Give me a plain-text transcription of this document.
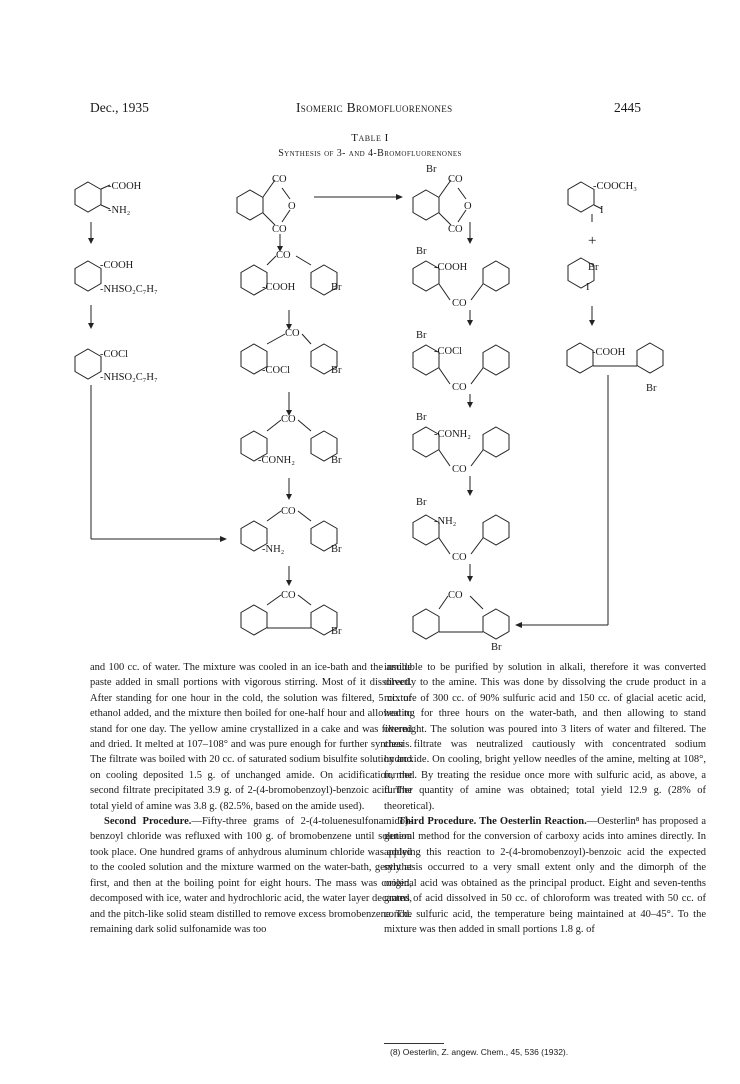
Dec., 1935	Isomeric Bromofluorenones	2445
Table I
Synthesis of 3- and 4-Bromofluorenones
-COOH
-NH₂
-COOH
-NHSO₂C₇H₇
-COCl
-NHSO₂C₇H₇
CO
CO
O
CO
-COOH	Br
CO
-COCl	Br
CO
-CONH₂	Br
CO
-NH₂	Br
CO
Br
Br
CO
CO
O
Br
-COOH
CO
Br
-COCl
CO
Br
-CONH₂
CO
Br
-NH₂
CO
CO
Br
-COOCH₃
I
+
Br
I
-COOH
Br

and 100 cc. of water. The mixture was cooled in an ice-bath and the amide paste added in small portions with vigorous stirring. Most of it dissolved. After standing for one hour in the cold, the solution was filtered, 5 cc. of ethanol added, and the mixture then boiled for one-half hour and allowed to stand for one day. The yellow amine crystallized in a cake and was filtered and dried. It melted at 107–108° and was pure enough for further synthesis. The filtrate was boiled with 20 cc. of saturated sodium bisulfite solution and on cooling deposited 1.5 g. of unchanged amide. On acidification, the second filtrate precipitated 3.9 g. of 2-(4-bromobenzoyl)-benzoic acid. The total yield of amine was 3.8 g. (82.5%, based on the amide used).

Second Procedure.—Fifty-three grams of 2-(4-toluenesulfonamido)-benzoyl chloride was refluxed with 100 g. of bromobenzene until solution took place. One hundred grams of anhydrous aluminum chloride was added to the cooled solution and the mixture warmed on the water-bath, gently at first, and then at the boiling point for eight hours. The mass was cooled, decomposed with ice, water and hydrochloric acid, the water layer decanted, and the pitch-like solid steam distilled to remove excess bromobenzene. The remaining dark solid sulfonamide was too

insoluble to be purified by solution in alkali, therefore it was converted directly to the amine. This was done by dissolving the crude product in a mixture of 300 cc. of 90% sulfuric acid and 150 cc. of glacial acetic acid, heating for three hours on the water-bath, and then allowing to stand overnight. The solution was poured into 3 liters of water and filtered. The clear filtrate was neutralized cautiously with concentrated sodium hydroxide. On cooling, bright yellow needles of the amine, melting at 108°, formed. By treating the residue once more with sulfuric acid, as above, a further quantity of amine was obtained; total yield 12.9 g. (28% of theoretical).

Third Procedure. The Oesterlin Reaction.—Oesterlin⁸ has proposed a general method for the conversion of carboxy acids into amines directly. In applying this reaction to 2-(4-bromobenzoyl)-benzoic acid the expected synthesis occurred to a very small extent only and the dimorph of the original acid was obtained as the principal product. Eight and seven-tenths grams of acid dissolved in 50 cc. of chloroform was treated with 50 cc. of concd. sulfuric acid, the temperature being maintained at 40–45°. To the mixture was then added in small portions 1.8 g. of

(8) Oesterlin, Z. angew. Chem., 45, 536 (1932).
